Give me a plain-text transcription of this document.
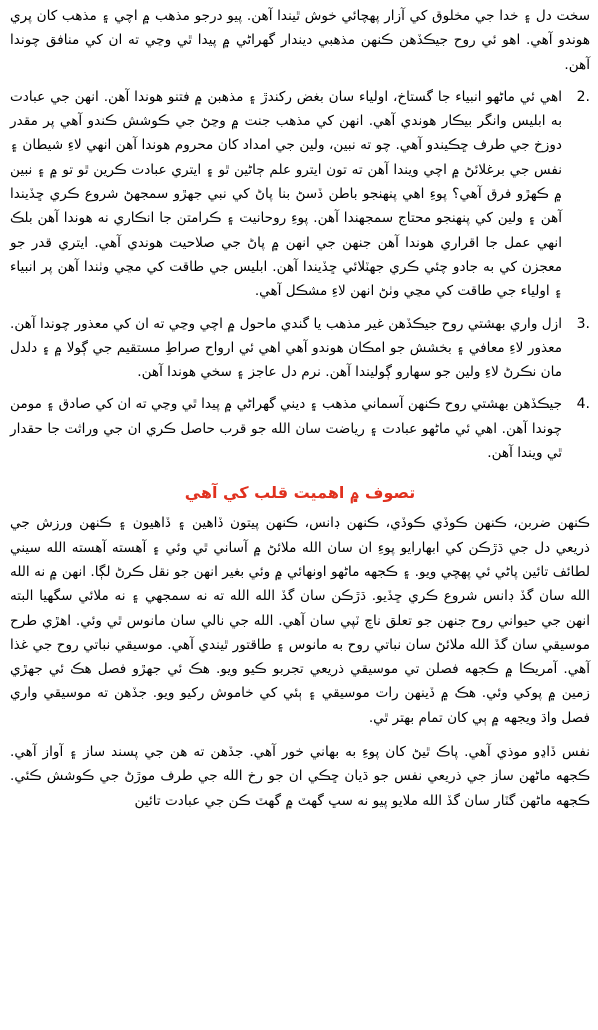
سخت دل ۽ خدا جي مخلوق کي آزار پهچائي خوش ٿيندا آهن. پيو درجو مذهب ۾ اچي ۽ مذهب کان پري هوندو آهي. اهو ئي روح جيڪڏهن ڪنهن مذهبي ديندار گهراڻي ۾ پيدا ٿي وڃي ته ان کي منافق چوندا آهن.

2.

اهي ئي ماڻهو انبياء جا گستاخ، اولياء سان بغض رکندڙ ۽ مذهبن ۾ فتنو هوندا آهن. انهن جي عبادت به ابليس وانگر بيڪار هوندي آهي. انهن کي مذهب جنت ۾ وڃڻ جي ڪوشش ڪندو آهي پر مقدر دوزخ جي طرف ڇڪيندو آهي. چو ته نبين، ولين جي امداد کان محروم هوندا آهن انهي لاءِ شيطان ۽ نفس جي برغلائڻ ۾ اچي ويندا آهن ته تون ايترو علم ڄاڻين ٿو ۽ ايتري عبادت ڪرين ٿو تو ۾ ۽ نبين ۾ ڪهڙو فرق آهي؟ پوءِ اهي پنهنجو باطن ڏسڻ بنا پاڻ کي نبي جهڙو سمجهڻ شروع ڪري ڇڏيندا آهن ۽ ولين کي پنهنجو محتاج سمجهندا آهن. پوءِ روحانيت ۽ ڪرامتن جا انڪاري نه هوندا آهن بلڪ انهي عمل جا اقراري هوندا آهن جنهن جي انهن ۾ پاڻ جي صلاحيت هوندي آهي. ايتري قدر جو معجزن کي به جادو چئي ڪري جهٽلائي ڇڏيندا آهن. ابليس جي طاقت کي مڃي وٺندا آهن پر انبياء ۽ اولياء جي طاقت کي مڃي وٺڻ انهن لاءِ مشڪل آهي.

3.

ازل واري بهشتي روح جيڪڏهن غير مذهب يا گندي ماحول ۾ اچي وڃي ته ان کي معذور چوندا آهن. معذور لاءِ معافي ۽ بخشش جو امڪان هوندو آهي اهي ئي ارواح صراطِ مستقيم جي ڳولا ۾ ۽ دلدل مان نڪرڻ لاءِ ولين جو سهارو ڳوليندا آهن. نرم دل عاجز ۽ سخي هوندا آهن.

4.

جيڪڏهن بهشتي روح ڪنهن آسماني مذهب ۽ ديني گهراڻي ۾ پيدا ٿي وڃي ته ان کي صادق ۽ مومن چوندا آهن. اهي ئي ماڻهو عبادت ۽ رياضت سان الله جو قرب حاصل ڪري ان جي وراثت جا حقدار ٿي ويندا آهن.

تصوف ۾ اهميت قلب کي آهي

ڪنهن ضربن، ڪنهن ڪوڏي ڪوڏي، ڪنهن ڊانس، ڪنهن پيتون ڏاهين ۽ ڏاهيون ۽ ڪنهن ورزش جي ذريعي دل جي ڌڙڪن کي ابهارايو پوءِ ان سان الله ملائڻ ۾ آساني ٿي وئي ۽ آهسته آهسته الله سيني لطائف تائين پاڻي ئي پهچي ويو. ۽ ڪجهه ماڻهو اونهائي ۾ وئي بغير انهن جو نقل ڪرڻ لڳا. انهن ۾ نه الله الله سان گڏ ڊانس شروع ڪري ڇڏيو. ڌڙڪن سان گڏ الله الله ته نه سمجهي ۽ نه ملائي سگهيا البته انهن جي حيواني روح جنهن جو تعلق ناچ ٽپي سان آهي. الله جي نالي سان مانوس ٿي وئي. اهڙي طرح موسيقي سان گڏ الله ملائڻ سان نباتي روح به مانوس ۽ طاقتور ٿيندي آهي. موسيقي نباتي روح جي غذا آهي. آمريڪا ۾ ڪجهه فصلن تي موسيقي ذريعي تجربو ڪيو ويو. هڪ ئي جهڙو فصل هڪ ئي جهڙي زمين ۾ پوکي وئي. هڪ ۾ ڏينهن رات موسيقي ۽ ٻئي کي خاموش رکيو ويو. جڏهن ته موسيقي واري فصل واڌ ويجهه ۾ ٻي کان تمام بهتر ٿي.

نفس ڏاڍو موذي آهي. پاڪ ٿيڻ کان پوءِ به بهاني خور آهي. جڏهن ته هن جي پسند ساز ۽ آواز آهي. ڪجهه ماڻهن ساز جي ذريعي نفس جو ڌيان ڇڪي ان جو رخ الله جي طرف موڙڻ جي ڪوشش ڪئي. ڪجهه ماڻهن گٽار سان گڏ الله ملايو پيو نه سڀ گهٽ ۾ گهٽ ڪن جي عبادت تائين
